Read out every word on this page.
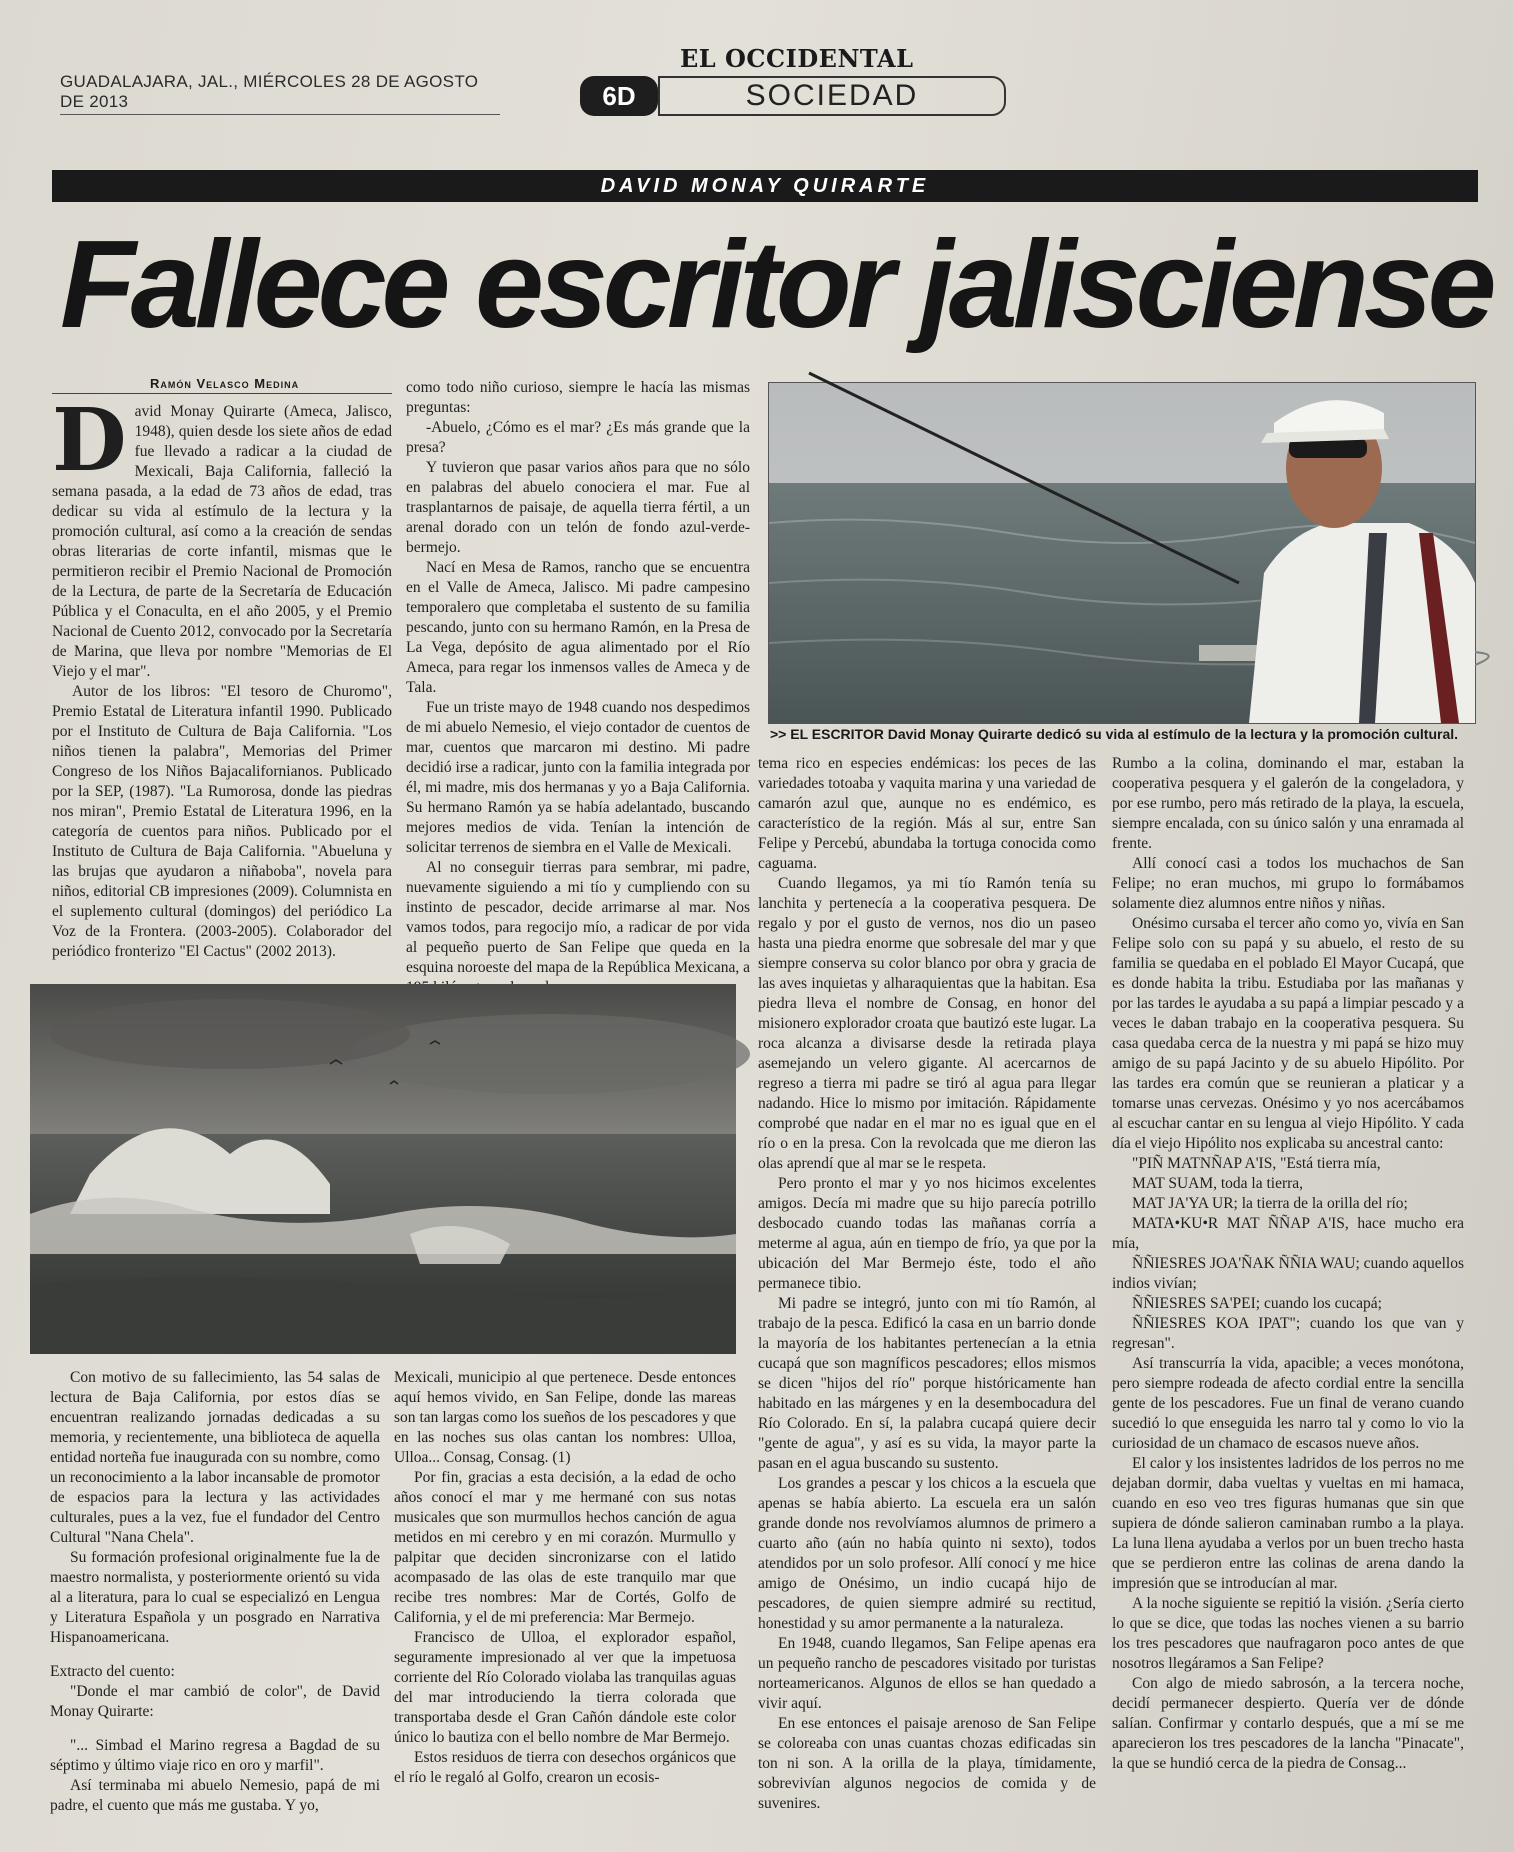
GUADALAJARA, JAL., MIÉRCOLES 28 DE AGOSTO DE 2013
EL OCCIDENTAL
6D	SOCIEDAD
DAVID MONAY QUIRARTE
Fallece escritor jalisciense
Ramón Velasco Medina
D avid Monay Quirarte (Ameca, Jalisco, 1948), quien desde los siete años de edad fue llevado a radicar a la ciudad de Mexicali, Baja California, falleció la semana pasada, a la edad de 73 años de edad, tras dedicar su vida al estímulo de la lectura y la promoción cultural, así como a la creación de sendas obras literarias de corte infantil, mismas que le permitieron recibir el Premio Nacional de Promoción de la Lectura, de parte de la Secretaría de Educación Pública y el Conaculta, en el año 2005, y el Premio Nacional de Cuento 2012, convocado por la Secretaría de Marina, que lleva por nombre "Memorias de El Viejo y el mar".

Autor de los libros: "El tesoro de Churomo", Premio Estatal de Literatura infantil 1990. Publicado por el Instituto de Cultura de Baja California. "Los niños tienen la palabra", Memorias del Primer Congreso de los Niños Bajacalifornianos. Publicado por la SEP, (1987). "La Rumorosa, donde las piedras nos miran", Premio Estatal de Literatura 1996, en la categoría de cuentos para niños. Publicado por el Instituto de Cultura de Baja California. "Abueluna y las brujas que ayudaron a niñaboba", novela para niños, editorial CB impresiones (2009). Columnista en el suplemento cultural (domingos) del periódico La Voz de la Frontera. (2003-2005). Colaborador del periódico fronterizo "El Cactus" (2002 2013).

como todo niño curioso, siempre le hacía las mismas preguntas:

-Abuelo, ¿Cómo es el mar? ¿Es más grande que la presa?

Y tuvieron que pasar varios años para que no sólo en palabras del abuelo conociera el mar. Fue al trasplantarnos de paisaje, de aquella tierra fértil, a un arenal dorado con un telón de fondo azul-verde-bermejo.

Nací en Mesa de Ramos, rancho que se encuentra en el Valle de Ameca, Jalisco. Mi padre campesino temporalero que completaba el sustento de su familia pescando, junto con su hermano Ramón, en la Presa de La Vega, depósito de agua alimentado por el Río Ameca, para regar los inmensos valles de Ameca y de Tala.

Fue un triste mayo de 1948 cuando nos despedimos de mi abuelo Nemesio, el viejo contador de cuentos de mar, cuentos que marcaron mi destino. Mi padre decidió irse a radicar, junto con la familia integrada por él, mi madre, mis dos hermanas y yo a Baja California. Su hermano Ramón ya se había adelantado, buscando mejores medios de vida. Tenían la intención de solicitar terrenos de siembra en el Valle de Mexicali.

Al no conseguir tierras para sembrar, mi padre, nuevamente siguiendo a mi tío y cumpliendo con su instinto de pescador, decide arrimarse al mar. Nos vamos todos, para regocijo mío, a radicar de por vida al pequeño puerto de San Felipe que queda en la esquina noroeste del mapa de la República Mexicana, a

>> EL ESCRITOR David Monay Quirarte dedicó su vida al estímulo de la lectura y la promoción cultural.

tema rico en especies endémicas: los peces de las variedades totoaba y vaquita marina y una variedad de camarón azul que, aunque no es endémico, es característico de la región. Más al sur, entre San Felipe y Percebú, abundaba la tortuga conocida como caguama.

Cuando llegamos, ya mi tío Ramón tenía su lanchita y pertenecía a la cooperativa pesquera. De regalo y por el gusto de vernos, nos dio un paseo hasta una piedra enorme que sobresale del mar y que siempre conserva su color blanco por obra y gracia de las aves inquietas y alharaquientas que la habitan. Esa piedra lleva el nombre de Consag, en honor del misionero explorador croata que bautizó este lugar. La roca alcanza a divisarse desde la retirada playa asemejando un velero gigante. Al acercarnos de regreso a tierra mi padre se tiró al agua para llegar nadando. Hice lo mismo por imitación. Rápidamente comprobé que nadar en el mar no es igual que en el río o en la presa. Con la revolcada que me dieron las olas aprendí que al mar se le respeta.

Pero pronto el mar y yo nos hicimos excelentes amigos. Decía mi madre que su hijo parecía potrillo desbocado cuando todas las mañanas corría a meterme al agua, aún en tiempo de frío, ya que por la ubicación del Mar Bermejo éste, todo el año permanece tibio.

Mi padre se integró, junto con mi tío Ramón, al trabajo de la pesca. Edificó la casa en un barrio donde la mayoría de los habitantes pertenecían a la etnia cucapá que son magníficos pescadores; ellos mismos se dicen "hijos del río" porque históricamente han habitado en las márgenes y en la desembocadura del Río Colorado. En sí, la palabra cucapá quiere decir "gente de agua", y así es su vida, la mayor parte la pasan en el agua buscando su sustento.

Los grandes a pescar y los chicos a la escuela que apenas se había abierto. La escuela era un salón grande donde nos revolvíamos alumnos de primero a cuarto año (aún no había quinto ni sexto), todos atendidos por un solo profesor. Allí conocí y me hice amigo de Onésimo, un indio cucapá hijo de pescadores, de quien siempre admiré su rectitud, honestidad y su amor permanente a la naturaleza.

En 1948, cuando llegamos, San Felipe apenas era un pequeño rancho de pescadores visitado por turistas norteamericanos. Algunos de ellos se han quedado a vivir aquí.

En ese entonces el paisaje arenoso de San Felipe se coloreaba con unas cuantas chozas edificadas sin ton ni son. A la orilla de la playa, tímidamente, sobrevivían algunos negocios de comida y de suvenires.

Rumbo a la colina, dominando el mar, estaban la cooperativa pesquera y el galerón de la congeladora, y por ese rumbo, pero más retirado de la playa, la escuela, siempre encalada, con su único salón y una enramada al frente.

Allí conocí casi a todos los muchachos de San Felipe; no eran muchos, mi grupo lo formábamos solamente diez alumnos entre niños y niñas.

Onésimo cursaba el tercer año como yo, vivía en San Felipe solo con su papá y su abuelo, el resto de su familia se quedaba en el poblado El Mayor Cucapá, que es donde habita la tribu. Estudiaba por las mañanas y por las tardes le ayudaba a su papá a limpiar pescado y a veces le daban trabajo en la cooperativa pesquera. Su casa quedaba cerca de la nuestra y mi papá se hizo muy amigo de su papá Jacinto y de su abuelo Hipólito. Por las tardes era común que se reunieran a platicar y a tomarse unas cervezas. Onésimo y yo nos acercábamos al escuchar cantar en su lengua al viejo Hipólito. Y cada día el viejo Hipólito nos explicaba su ancestral canto:

"PIÑ MATNÑAP A'IS, "Está tierra mía,

MAT SUAM, toda la tierra,

MAT JA'YA UR; la tierra de la orilla del río;

MATA•KU•R MAT ÑÑAP A'IS, hace mucho era mía,

ÑÑIESRES JOA'ÑAK ÑÑIA WAU; cuando aquellos indios vivían;

ÑÑIESRES SA'PEI; cuando los cucapá;

ÑÑIESRES KOA IPAT"; cuando los que van y regresan".

Así transcurría la vida, apacible; a veces monótona, pero siempre rodeada de afecto cordial entre la sencilla gente de los pescadores. Fue un final de verano cuando sucedió lo que enseguida les narro tal y como lo vio la curiosidad de un chamaco de escasos nueve años.

El calor y los insistentes ladridos de los perros no me dejaban dormir, daba vueltas y vueltas en mi hamaca, cuando en eso veo tres figuras humanas que sin que supiera de dónde salieron caminaban rumbo a la playa. La luna llena ayudaba a verlos por un buen trecho hasta que se perdieron entre las colinas de arena dando la impresión que se introducían al mar.

A la noche siguiente se repitió la visión. ¿Sería cierto lo que se dice, que todas las noches vienen a su barrio los tres pescadores que naufragaron poco antes de que nosotros llegáramos a San Felipe?

Con algo de miedo sabrosón, a la tercera noche, decidí permanecer despierto. Quería ver de dónde salían. Confirmar y contarlo después, que a mí se me aparecieron los tres pescadores de la lancha "Pinacate", la que se hundió cerca de la piedra de Consag...

Con motivo de su fallecimiento, las 54 salas de lectura de Baja California, por estos días se encuentran realizando jornadas dedicadas a su memoria, y recientemente, una biblioteca de aquella entidad norteña fue inaugurada con su nombre, como un reconocimiento a la labor incansable de promotor de espacios para la lectura y las actividades culturales, pues a la vez, fue el fundador del Centro Cultural "Nana Chela".

Su formación profesional originalmente fue la de maestro normalista, y posteriormente orientó su vida al a literatura, para lo cual se especializó en Lengua y Literatura Española y un posgrado en Narrativa Hispanoamericana.

Extracto del cuento:

"Donde el mar cambió de color", de David Monay Quirarte:

"... Simbad el Marino regresa a Bagdad de su séptimo y último viaje rico en oro y marfil".

Así terminaba mi abuelo Nemesio, papá de mi padre, el cuento que más me gustaba. Y yo,

Mexicali, municipio al que pertenece. Desde entonces aquí hemos vivido, en San Felipe, donde las mareas son tan largas como los sueños de los pescadores y que en las noches sus olas cantan los nombres: Ulloa, Ulloa... Consag, Consag. (1)

Por fin, gracias a esta decisión, a la edad de ocho años conocí el mar y me hermané con sus notas musicales que son murmullos hechos canción de agua metidos en mi cerebro y en mi corazón. Murmullo y palpitar que deciden sincronizarse con el latido acompasado de las olas de este tranquilo mar que recibe tres nombres: Mar de Cortés, Golfo de California, y el de mi preferencia: Mar Bermejo.

Francisco de Ulloa, el explorador español, seguramente impresionado al ver que la impetuosa corriente del Río Colorado violaba las tranquilas aguas del mar introduciendo la tierra colorada que transportaba desde el Gran Cañón dándole este color único lo bautiza con el bello nombre de Mar Bermejo.

Estos residuos de tierra con desechos orgánicos que el río le regaló al Golfo, crearon un ecosis-
